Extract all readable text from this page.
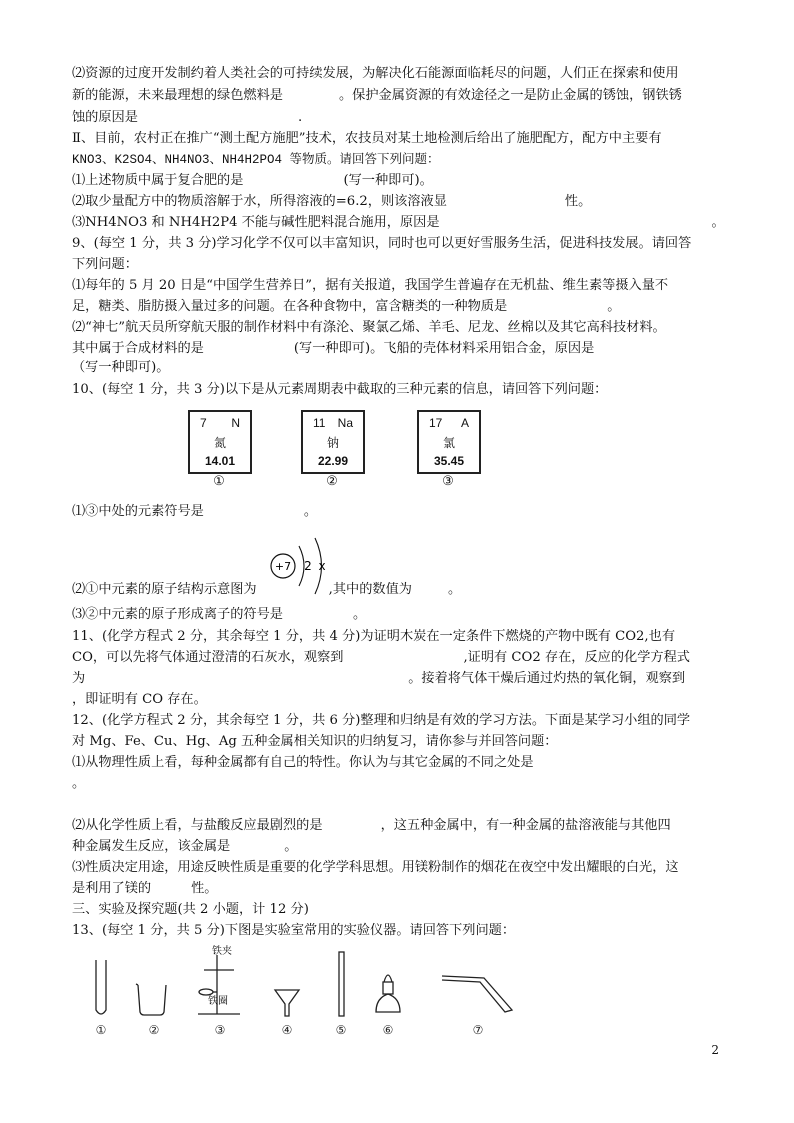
⑵资源的过度开发制约着人类社会的可持续发展，为解决化石能源面临耗尽的问题，人们正在探索和使用
新的能源，未来最理想的绿色燃料是	。保护金属资源的有效途径之一是防止金属的锈蚀，钢铁锈
蚀的原因是	.
Ⅱ、目前，农村正在推广“测土配方施肥”技术，农技员对某土地检测后给出了施肥配方，配方中主要有
KNO3、K2SO4、NH4NO3、NH4H2PO4 等物质。请回答下列问题：
⑴上述物质中属于复合肥的是	(写一种即可)。
⑵取少量配方中的物质溶解于水，所得溶液的=6.2，则该溶液显	性。
⑶NH4NO3 和 NH4H2P4 不能与碱性肥料混合施用，原因是	。
9、(每空 1 分，共 3 分)学习化学不仅可以丰富知识，同时也可以更好雪服务生活，促进科技发展。请回答
下列问题：
⑴每年的 5 月 20 日是“中国学生营养日”，据有关报道，我国学生普遍存在无机盐、维生素等摄入量不
足，糖类、脂肪摄入量过多的问题。在各种食物中，富含糖类的一种物质是	。
⑵“神七”航天员所穿航天服的制作材料中有涤沦、聚氯乙烯、羊毛、尼龙、丝棉以及其它高科技材料。
其中属于合成材料的是	(写一种即可)。飞船的壳体材料采用铝合金，原因是
（写一种即可)。
10、(每空 1 分，共 3 分)以下是从元素周期表中截取的三种元素的信息，请回答下列问题：
7 N
氮
14.01
11 Na
钠
22.99
17 A
氯
35.45
①	②	③
⑴③中处的元素符号是	。
+7 2 x
⑵①中元素的原子结构示意图为	,其中的数值为	。
⑶②中元素的原子形成离子的符号是	。
11、(化学方程式 2 分，其余每空 1 分，共 4 分)为证明木炭在一定条件下燃烧的产物中既有 CO2,也有
CO，可以先将气体通过澄清的石灰水，观察到	,证明有 CO2 存在，反应的化学方程式
为	。接着将气体干燥后通过灼热的氧化铜，观察到
，即证明有 CO 存在。
12、(化学方程式 2 分，其余每空 1 分，共 6 分)整理和归纳是有效的学习方法。下面是某学习小组的同学
对 Mg、Fe、Cu、Hg、Ag 五种金属相关知识的归纳复习，请你参与并回答问题：
⑴从物理性质上看，每种金属都有自己的特性。你认为与其它金属的不同之处是
。
⑵从化学性质上看，与盐酸反应最剧烈的是	，这五种金属中，有一种金属的盐溶液能与其他四
种金属发生反应，该金属是	。
⑶性质决定用途，用途反映性质是重要的化学学科思想。用镁粉制作的烟花在夜空中发出耀眼的白光，这
是利用了镁的	性。
三、实验及探究题(共 2 小题，计 12 分)
13、(每空 1 分，共 5 分)下图是实验室常用的实验仪器。请回答下列问题：
铁夹
铁圈
①	②	③	④	⑤	⑥	⑦
2
